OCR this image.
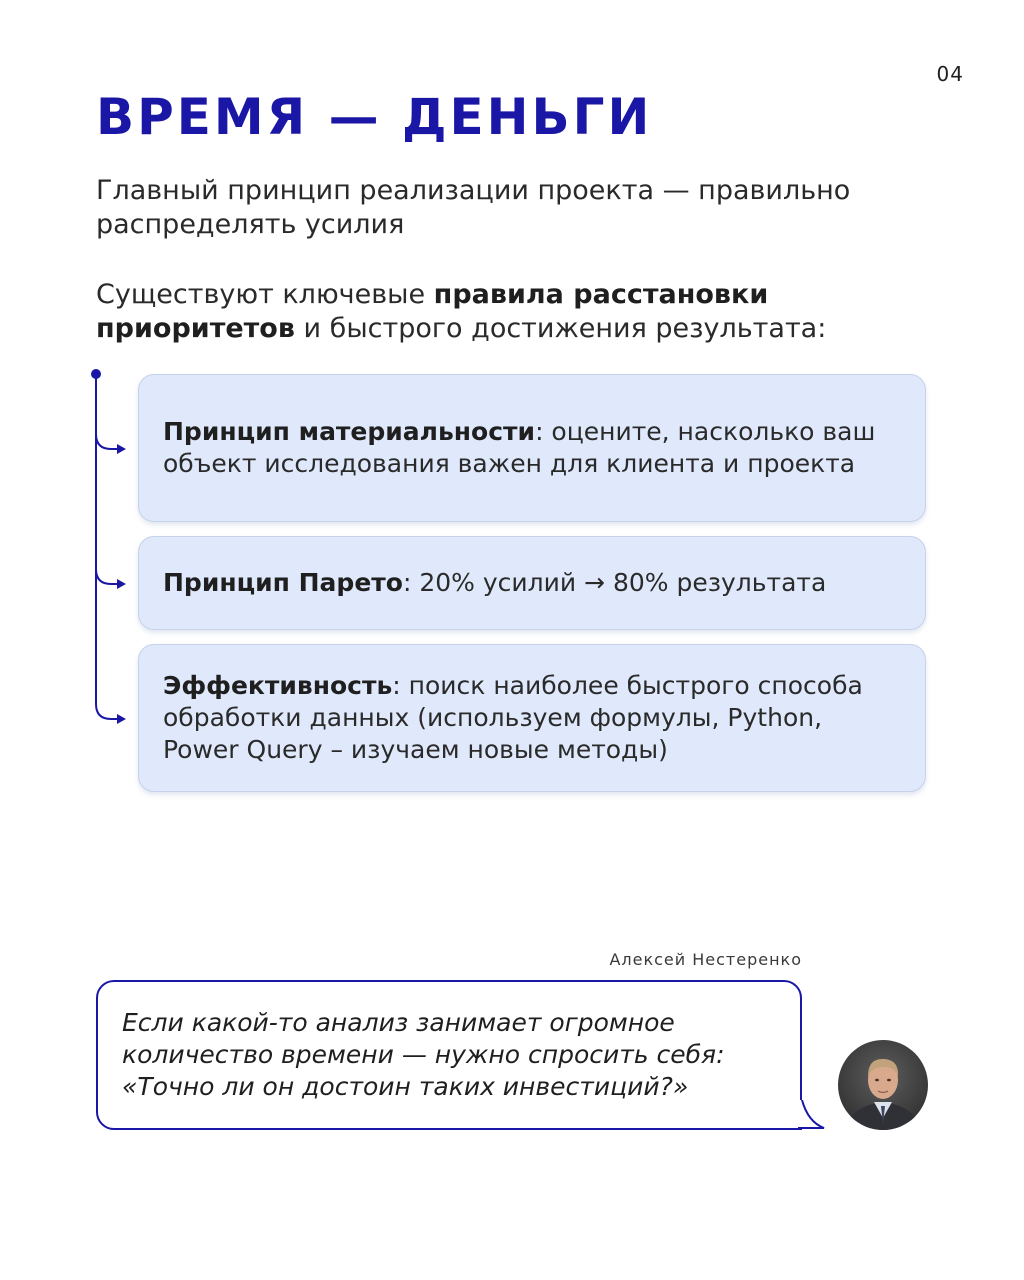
04
ВРЕМЯ — ДЕНЬГИ

Главный принцип реализации проекта — правильно распределять усилия

Существуют ключевые правила расстановки приоритетов и быстрого достижения результата:

Принцип материальности: оцените, насколько ваш объект исследования важен для клиента и проекта

Принцип Парето: 20% усилий → 80% результата

Эффективность: поиск наиболее быстрого способа обработки данных (используем формулы, Python, Power Query – изучаем новые методы)

Алексей Нестеренко

Если какой-то анализ занимает огромное количество времени — нужно спросить себя: «Точно ли он достоин таких инвестиций?»
